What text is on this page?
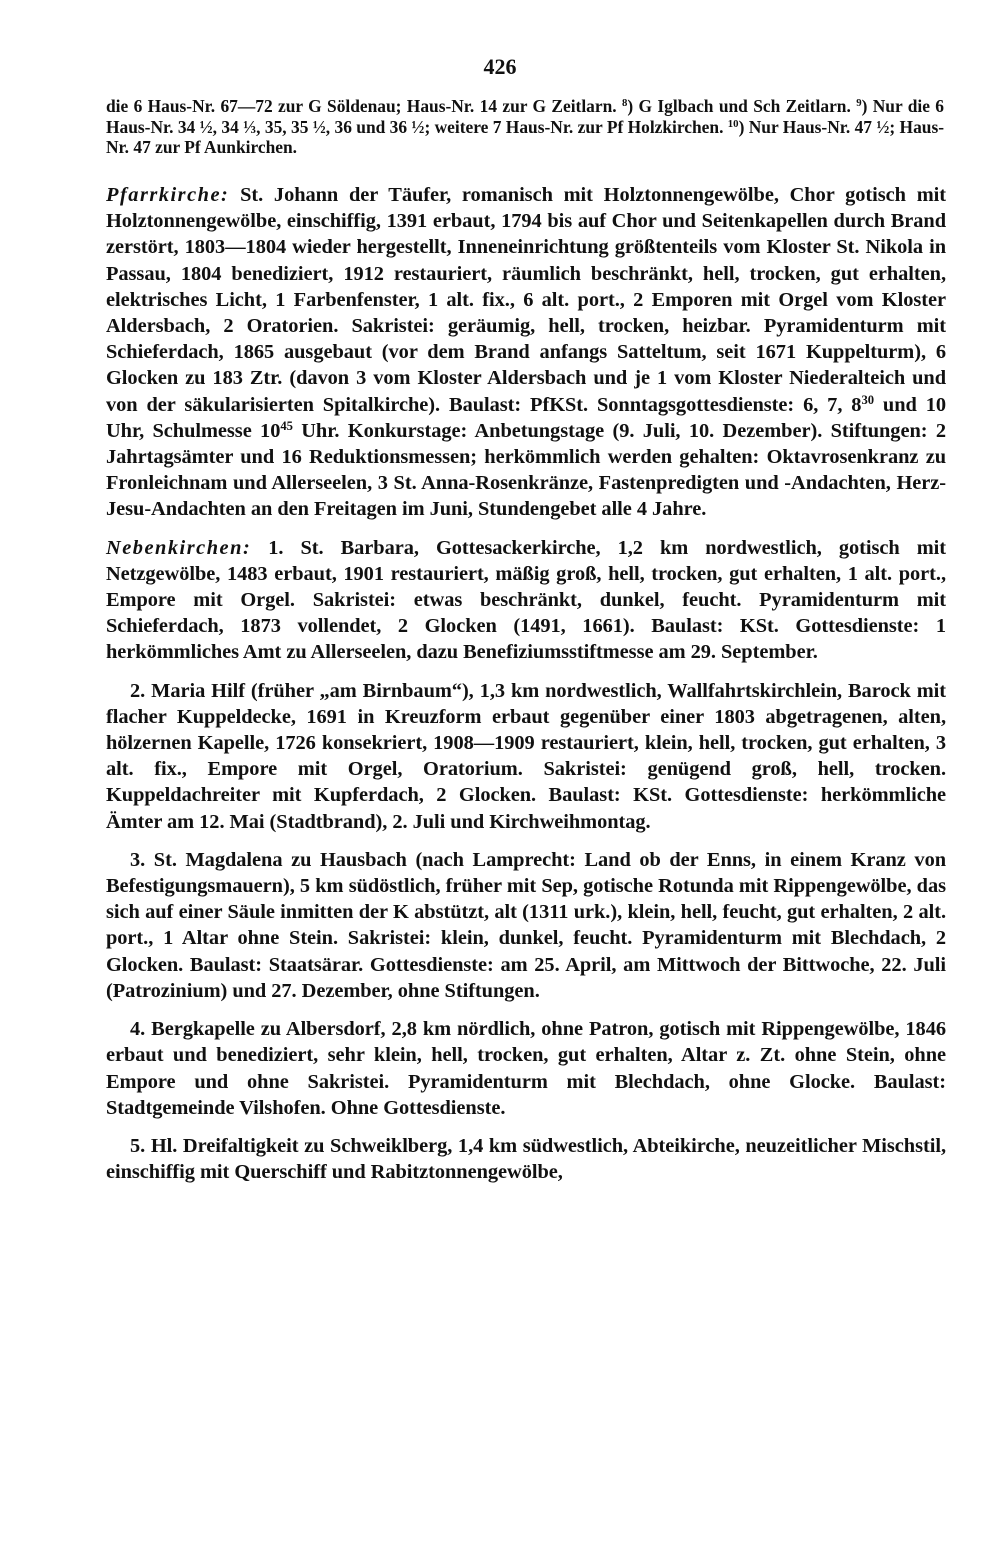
426

die 6 Haus-Nr. 67—72 zur G Söldenau; Haus-Nr. 14 zur G Zeitlarn. $^8$) G Iglbach und Sch Zeitlarn. $^9$) Nur die 6 Haus-Nr. 34 ½, 34 ⅓, 35, 35 ½, 36 und 36 ½; weitere 7 Haus-Nr. zur Pf Holzkirchen. $^{10}$) Nur Haus-Nr. 47 ½; Haus-Nr. 47 zur Pf Aunkirchen.

Pfarrkirche: St. Johann der Täufer, romanisch mit Holztonnengewölbe, Chor gotisch mit Holztonnengewölbe, einschiffig, 1391 erbaut, 1794 bis auf Chor und Seitenkapellen durch Brand zerstört, 1803—1804 wieder hergestellt, Inneneinrichtung größtenteils vom Kloster St. Nikola in Passau, 1804 benediziert, 1912 restauriert, räumlich beschränkt, hell, trocken, gut erhalten, elektrisches Licht, 1 Farbenfenster, 1 alt. fix., 6 alt. port., 2 Emporen mit Orgel vom Kloster Aldersbach, 2 Oratorien. Sakristei: geräumig, hell, trocken, heizbar. Pyramidenturm mit Schieferdach, 1865 ausgebaut (vor dem Brand anfangs Satteltum, seit 1671 Kuppelturm), 6 Glocken zu 183 Ztr. (davon 3 vom Kloster Aldersbach und je 1 vom Kloster Niederalteich und von der säkularisierten Spitalkirche). Baulast: PfKSt. Sonntagsgottesdienste: 6, 7, $8^{30}$ und 10 Uhr, Schulmesse $10^{45}$ Uhr. Konkurstage: Anbetungstage (9. Juli, 10. Dezember). Stiftungen: 2 Jahrtagsämter und 16 Reduktionsmessen; herkömmlich werden gehalten: Oktavrosenkranz zu Fronleichnam und Allerseelen, 3 St. Anna-Rosenkränze, Fastenpredigten und -Andachten, Herz-Jesu-Andachten an den Freitagen im Juni, Stundengebet alle 4 Jahre.

Nebenkirchen: 1. St. Barbara, Gottesackerkirche, 1,2 km nordwestlich, gotisch mit Netzgewölbe, 1483 erbaut, 1901 restauriert, mäßig groß, hell, trocken, gut erhalten, 1 alt. port., Empore mit Orgel. Sakristei: etwas beschränkt, dunkel, feucht. Pyramidenturm mit Schieferdach, 1873 vollendet, 2 Glocken (1491, 1661). Baulast: KSt. Gottesdienste: 1 herkömmliches Amt zu Allerseelen, dazu Benefiziumsstiftmesse am 29. September.

2. Maria Hilf (früher „am Birnbaum“), 1,3 km nordwestlich, Wallfahrtskirchlein, Barock mit flacher Kuppeldecke, 1691 in Kreuzform erbaut gegenüber einer 1803 abgetragenen, alten, hölzernen Kapelle, 1726 konsekriert, 1908—1909 restauriert, klein, hell, trocken, gut erhalten, 3 alt. fix., Empore mit Orgel, Oratorium. Sakristei: genügend groß, hell, trocken. Kuppeldachreiter mit Kupferdach, 2 Glocken. Baulast: KSt. Gottesdienste: herkömmliche Ämter am 12. Mai (Stadtbrand), 2. Juli und Kirchweihmontag.

3. St. Magdalena zu Hausbach (nach Lamprecht: Land ob der Enns, in einem Kranz von Befestigungsmauern), 5 km südöstlich, früher mit Sep, gotische Rotunda mit Rippengewölbe, das sich auf einer Säule inmitten der K abstützt, alt (1311 urk.), klein, hell, feucht, gut erhalten, 2 alt. port., 1 Altar ohne Stein. Sakristei: klein, dunkel, feucht. Pyramidenturm mit Blechdach, 2 Glocken. Baulast: Staatsärar. Gottesdienste: am 25. April, am Mittwoch der Bittwoche, 22. Juli (Patrozinium) und 27. Dezember, ohne Stiftungen.

4. Bergkapelle zu Albersdorf, 2,8 km nördlich, ohne Patron, gotisch mit Rippengewölbe, 1846 erbaut und benediziert, sehr klein, hell, trocken, gut erhalten, Altar z. Zt. ohne Stein, ohne Empore und ohne Sakristei. Pyramidenturm mit Blechdach, ohne Glocke. Baulast: Stadtgemeinde Vilshofen. Ohne Gottesdienste.

5. Hl. Dreifaltigkeit zu Schweiklberg, 1,4 km südwestlich, Abteikirche, neuzeitlicher Mischstil, einschiffig mit Querschiff und Rabitztonnengewölbe,
